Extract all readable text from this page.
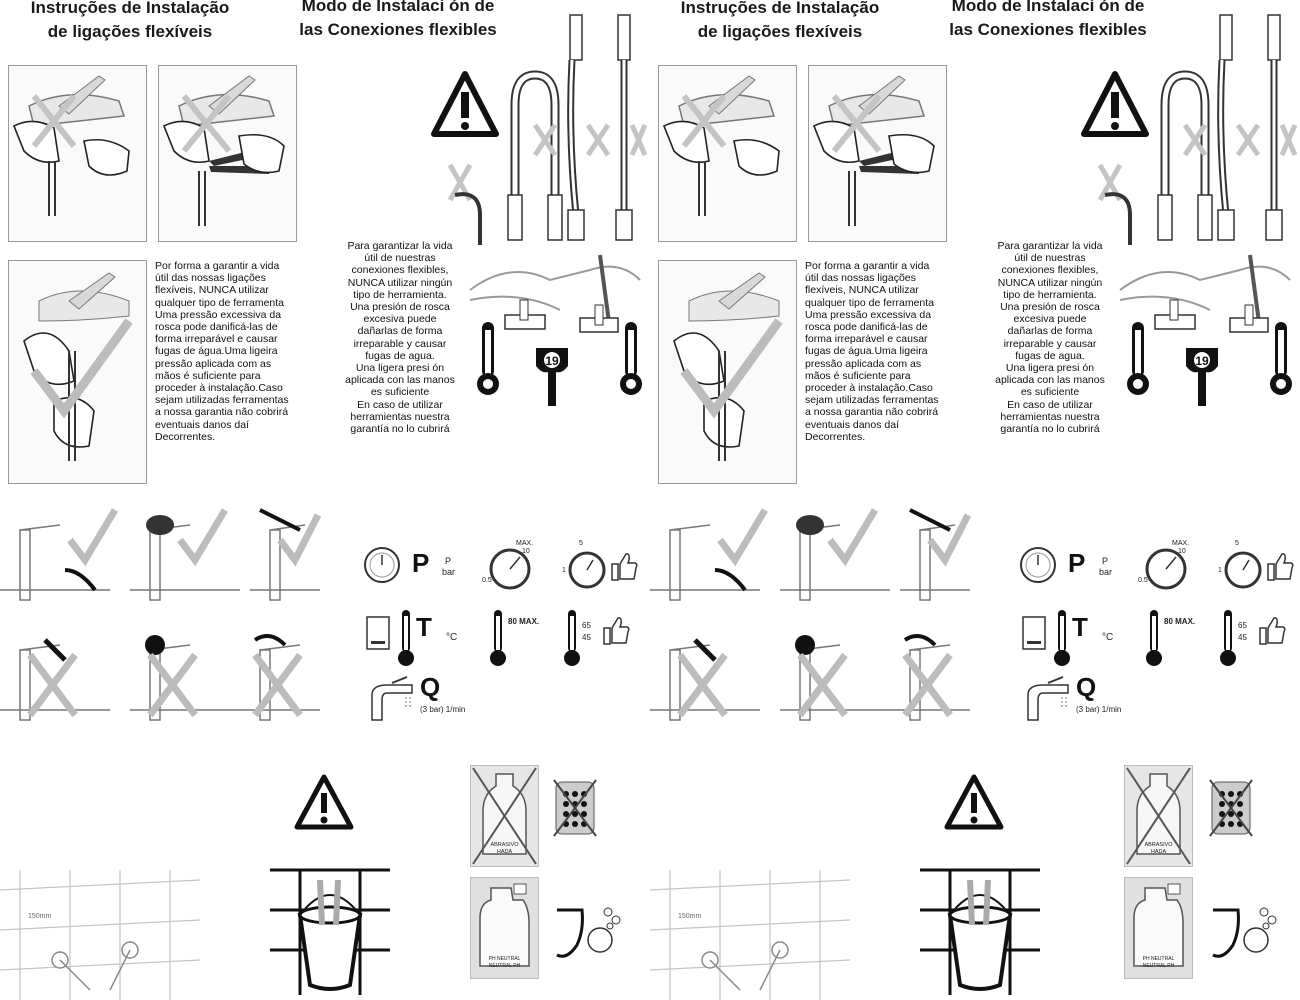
Instruções de Instalação
de ligações flexíveis
Modo de Instalaci ón de
las Conexiones flexibles
Por forma a garantir a vida
útil das nossas ligações
flexíveis, NUNCA utilizar
qualquer tipo de ferramenta
Uma pressão excessiva da
rosca pode danificá-las de
forma irreparável e causar
fugas de água.Uma ligeira
pressão aplicada com as
mãos é suficiente para
proceder à instalação.Caso
sejam utilizadas ferramentas
a nossa garantia não cobrirá
eventuais danos daí
Decorrentes.
Para garantizar la vida
útil de nuestras
conexiones flexibles,
NUNCA utilizar ningún
tipo de herramienta.
Una presión de rosca
excesiva puede
dañarlas de forma
irreparable y causar
fugas de agua.
Una ligera presi ón
aplicada con las manos
es suficiente
En caso de utilizar
herramientas nuestra
garantía no lo cubrirá
19
P P
bar
MAX.
10
0.5
5
1
T °C
80 MAX.	65
45
Q
(3 bar) 1/min
150mm
ABRASIVO
HADA
PH NEUTRAL
NEUTRAL PH
Instruções de Instalação
de ligações flexíveis
Modo de Instalaci ón de
las Conexiones flexibles
Por forma a garantir a vida
útil das nossas ligações
flexíveis, NUNCA utilizar
qualquer tipo de ferramenta
Uma pressão excessiva da
rosca pode danificá-las de
forma irreparável e causar
fugas de água.Uma ligeira
pressão aplicada com as
mãos é suficiente para
proceder à instalação.Caso
sejam utilizadas ferramentas
a nossa garantia não cobrirá
eventuais danos daí
Decorrentes.
Para garantizar la vida
útil de nuestras
conexiones flexibles,
NUNCA utilizar ningún
tipo de herramienta.
Una presión de rosca
excesiva puede
dañarlas de forma
irreparable y causar
fugas de agua.
Una ligera presi ón
aplicada con las manos
es suficiente
En caso de utilizar
herramientas nuestra
garantía no lo cubrirá
19
P P
bar
MAX.
10
0.5
5
1
T °C
80 MAX.	65
45
Q
(3 bar) 1/min
150mm
ABRASIVO
HADA
PH NEUTRAL
NEUTRAL PH
